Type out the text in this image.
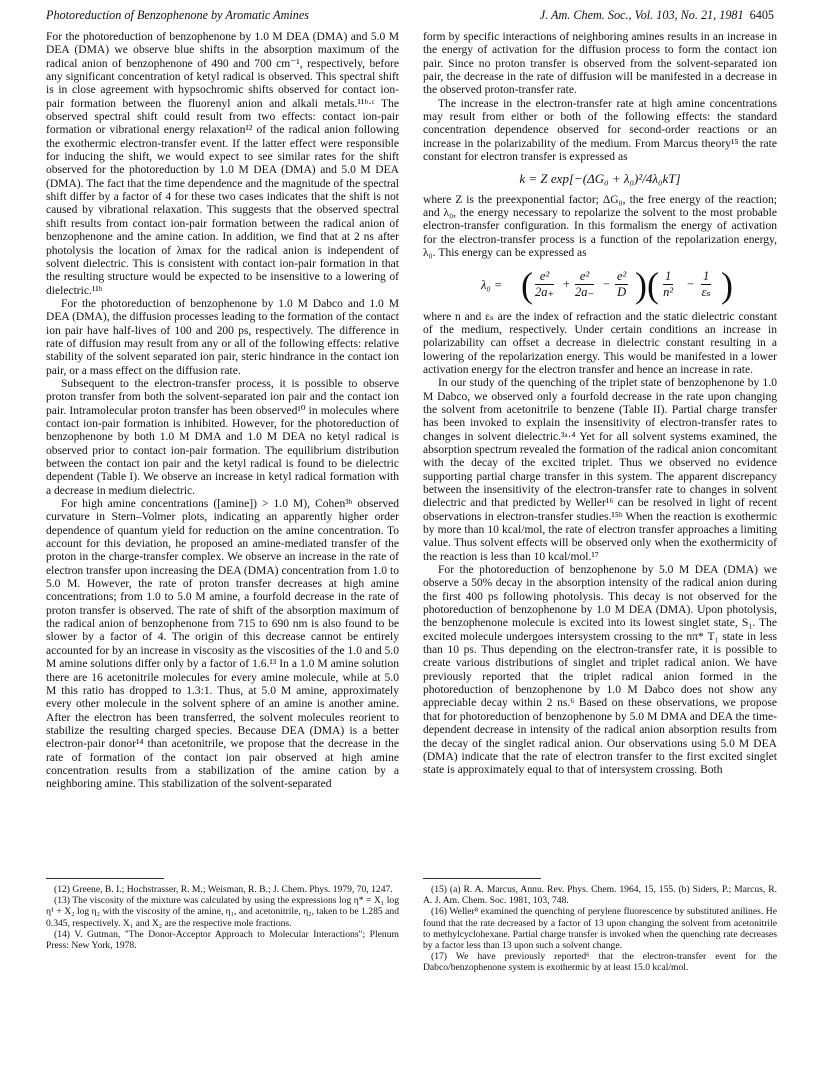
Photoreduction of Benzophenone by Aromatic Amines	J. Am. Chem. Soc., Vol. 103, No. 21, 1981 6405

For the photoreduction of benzophenone by 1.0 M DEA (DMA) and 5.0 M DEA (DMA) we observe blue shifts in the absorption maximum of the radical anion of benzophenone of 490 and 700 cm⁻¹, respectively, before any significant concentration of ketyl radical is observed. This spectral shift is in close agreement with hypsochromic shifts observed for contact ion-pair formation between the fluorenyl anion and alkali metals.¹¹ᵇ·ᶜ The observed spectral shift could result from two effects: contact ion-pair formation or vibrational energy relaxation¹² of the radical anion following the exothermic electron-transfer event. If the latter effect were responsible for inducing the shift, we would expect to see similar rates for the shift observed for the photoreduction by 1.0 M DEA (DMA) and 5.0 M DEA (DMA). The fact that the time dependence and the magnitude of the spectral shift differ by a factor of 4 for these two cases indicates that the shift is not caused by vibrational relaxation. This suggests that the observed spectral shift results from contact ion-pair formation between the radical anion of benzophenone and the amine cation. In addition, we find that at 2 ns after photolysis the location of λmax for the radical anion is independent of solvent dielectric. This is consistent with contact ion-pair formation in that the resulting structure would be expected to be insensitive to a lowering of dielectric.¹¹ᵇ

For the photoreduction of benzophenone by 1.0 M Dabco and 1.0 M DEA (DMA), the diffusion processes leading to the formation of the contact ion pair have half-lives of 100 and 200 ps, respectively. The difference in rate of diffusion may result from any or all of the following effects: relative stability of the solvent separated ion pair, steric hindrance in the contact ion pair, or a mass effect on the diffusion rate.

Subsequent to the electron-transfer process, it is possible to observe proton transfer from both the solvent-separated ion pair and the contact ion pair. Intramolecular proton transfer has been observed¹⁰ in molecules where contact ion-pair formation is inhibited. However, for the photoreduction of benzophenone by both 1.0 M DMA and 1.0 M DEA no ketyl radical is observed prior to contact ion-pair formation. The equilibrium distribution between the contact ion pair and the ketyl radical is found to be dielectric dependent (Table I). We observe an increase in ketyl radical formation with a decrease in medium dielectric.

For high amine concentrations ([amine]) > 1.0 M), Cohen³ᵇ observed curvature in Stern–Volmer plots, indicating an apparently higher order dependence of quantum yield for reduction on the amine concentration. To account for this deviation, he proposed an amine-mediated transfer of the proton in the charge-transfer complex. We observe an increase in the rate of electron transfer upon increasing the DEA (DMA) concentration from 1.0 to 5.0 M. However, the rate of proton transfer decreases at high amine concentrations; from 1.0 to 5.0 M amine, a fourfold decrease in the rate of proton transfer is observed. The rate of shift of the absorption maximum of the radical anion of benzophenone from 715 to 690 nm is also found to be slower by a factor of 4. The origin of this decrease cannot be entirely accounted for by an increase in viscosity as the viscosities of the 1.0 and 5.0 M amine solutions differ only by a factor of 1.6.¹³ In a 1.0 M amine solution there are 16 acetonitrile molecules for every amine molecule, while at 5.0 M this ratio has dropped to 1.3:1. Thus, at 5.0 M amine, approximately every other molecule in the solvent sphere of an amine is another amine. After the electron has been transferred, the solvent molecules reorient to stabilize the resulting charged species. Because DEA (DMA) is a better electron-pair donor¹⁴ than acetonitrile, we propose that the decrease in the rate of formation of the contact ion pair observed at high amine concentration results from a stabilization of the amine cation by a neighboring amine. This stabilization of the solvent-separated

form by specific interactions of neighboring amines results in an increase in the energy of activation for the diffusion process to form the contact ion pair. Since no proton transfer is observed from the solvent-separated ion pair, the decrease in the rate of diffusion will be manifested in a decrease in the observed proton-transfer rate.

The increase in the electron-transfer rate at high amine concentrations may result from either or both of the following effects: the standard concentration dependence observed for second-order reactions or an increase in the polarizability of the medium. From Marcus theory¹⁵ the rate constant for electron transfer is expressed as

k = Z exp[−(ΔG₀ + λ₀)²/4λ₀kT]

where Z is the preexponential factor; ΔG₀, the free energy of the reaction; and λ₀, the energy necessary to repolarize the solvent to the most probable electron-transfer configuration. In this formalism the energy of activation for the electron-transfer process is a function of the repolarization energy, λ₀. This energy can be expressed as

λ₀ = ( $\frac{\text{e²}}{2a_+} + \frac{\text{e²}}{2a_-} - \frac{\text{e²}}{D}$ ) ( $\frac{1}{\text{n²}} - \frac{1}{\text{εₛ}}$ )

where n and εₛ are the index of refraction and the static dielectric constant of the medium, respectively. Under certain conditions an increase in polarizability can offset a decrease in dielectric constant resulting in a lowering of the repolarization energy. This would be manifested in a lower activation energy for the electron transfer and hence an increase in rate.

In our study of the quenching of the triplet state of benzophenone by 1.0 M Dabco, we observed only a fourfold decrease in the rate upon changing the solvent from acetonitrile to benzene (Table II). Partial charge transfer has been invoked to explain the insensitivity of electron-transfer rates to changes in solvent dielectric.³ᵃ·⁴ Yet for all solvent systems examined, the absorption spectrum revealed the formation of the radical anion concomitant with the decay of the excited triplet. Thus we observed no evidence supporting partial charge transfer in this system. The apparent discrepancy between the insensitivity of the electron-transfer rate to changes in solvent dielectric and that predicted by Weller¹⁶ can be resolved in light of recent observations in electron-transfer studies.¹⁵ᵇ When the reaction is exothermic by more than 10 kcal/mol, the rate of electron transfer approaches a limiting value. Thus solvent effects will be observed only when the exothermicity of the reaction is less than 10 kcal/mol.¹⁷

For the photoreduction of benzophenone by 5.0 M DEA (DMA) we observe a 50% decay in the absorption intensity of the radical anion during the first 400 ps following photolysis. This decay is not observed for the photoreduction of benzophenone by 1.0 M DEA (DMA). Upon photolysis, the benzophenone molecule is excited into its lowest singlet state, S₁. The excited molecule undergoes intersystem crossing to the nπ* T₁ state in less than 10 ps. Thus depending on the electron-transfer rate, it is possible to create various distributions of singlet and triplet radical anion. We have previously reported that the triplet radical anion formed in the photoreduction of benzophenone by 1.0 M Dabco does not show any appreciable decay within 2 ns.⁶ Based on these observations, we propose that for photoreduction of benzophenone by 5.0 M DMA and DEA the time-dependent decrease in intensity of the radical anion absorption results from the decay of the singlet radical anion. Our observations using 5.0 M DEA (DMA) indicate that the rate of electron transfer to the first excited singlet state is approximately equal to that of intersystem crossing. Both

(12) Greene, B. I.; Hochstrasser, R. M.; Weisman, R. B.; J. Chem. Phys. 1979, 70, 1247.

(13) The viscosity of the mixture was calculated by using the expressions log η* = X₁ log η¹ + X₂ log η₂ with the viscosity of the amine, η₁, and acetonitrile, η₂, taken to be 1.285 and 0.345, respectively. X₁ and X₂ are the respective mole fractions.

(14) V. Gutman, "The Donor-Acceptor Approach to Molecular Interactions"; Plenum Press: New York, 1978.

(15) (a) R. A. Marcus, Annu. Rev. Phys. Chem. 1964, 15, 155. (b) Siders, P.; Marcus, R. A. J. Am. Chem. Soc. 1981, 103, 748.

(16) Weller⁸ examined the quenching of perylene fluorescence by substituted anilines. He found that the rate decreased by a factor of 13 upon changing the solvent from acetonitrile to methylcyclohexane. Partial charge transfer is invoked when the quenching rate decreases by a factor less than 13 upon such a solvent change.

(17) We have previously reported⁶ that the electron-transfer event for the Dabco/benzophenone system is exothermic by at least 15.0 kcal/mol.
